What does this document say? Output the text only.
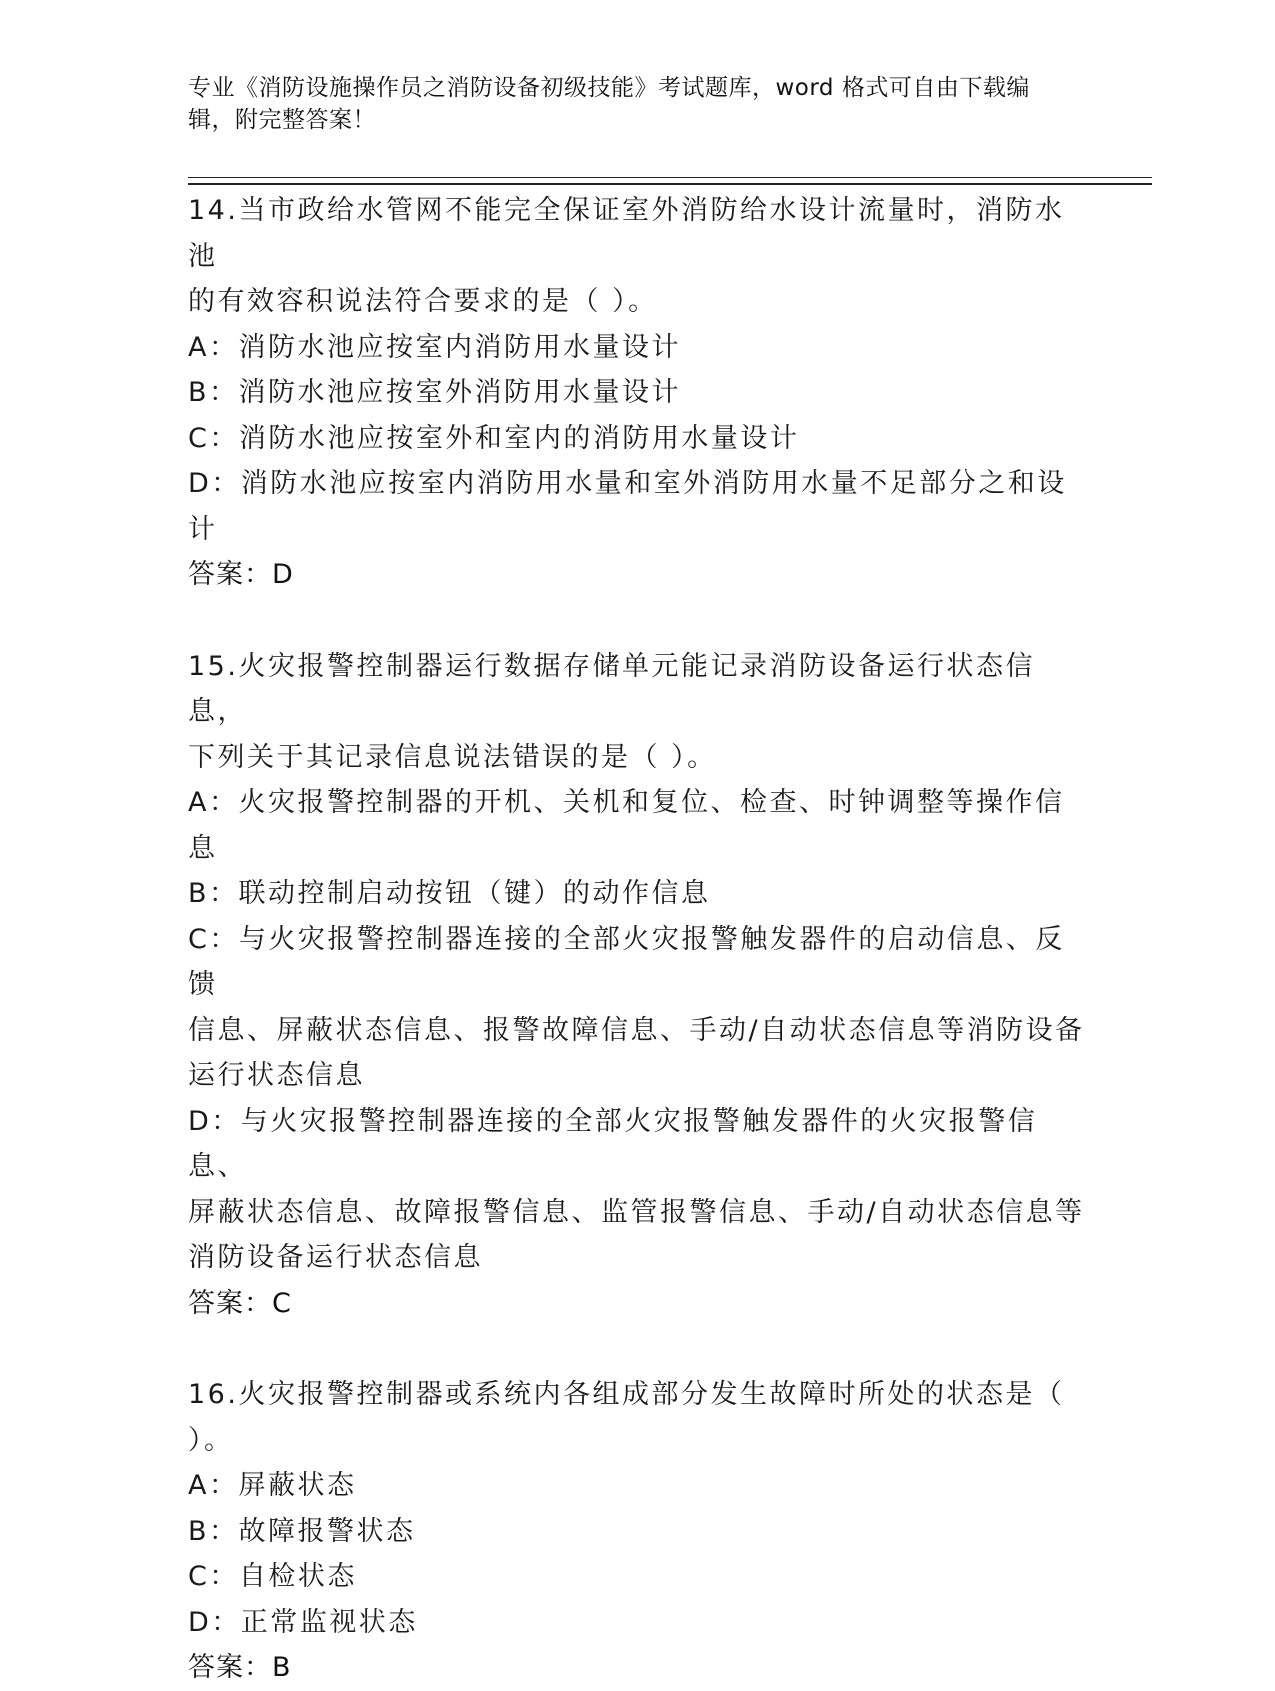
专业《消防设施操作员之消防设备初级技能》考试题库，word 格式可自由下载编
辑，附完整答案！

14.当市政给水管网不能完全保证室外消防给水设计流量时，消防水池

的有效容积说法符合要求的是（ ）。

A：消防水池应按室内消防用水量设计

B：消防水池应按室外消防用水量设计

C：消防水池应按室外和室内的消防用水量设计

D：消防水池应按室内消防用水量和室外消防用水量不足部分之和设计

答案：D

15.火灾报警控制器运行数据存储单元能记录消防设备运行状态信息，

下列关于其记录信息说法错误的是（ ）。

A：火灾报警控制器的开机、关机和复位、检查、时钟调整等操作信息

B：联动控制启动按钮（键）的动作信息

C：与火灾报警控制器连接的全部火灾报警触发器件的启动信息、反馈

信息、屏蔽状态信息、报警故障信息、手动/自动状态信息等消防设备

运行状态信息

D：与火灾报警控制器连接的全部火灾报警触发器件的火灾报警信息、

屏蔽状态信息、故障报警信息、监管报警信息、手动/自动状态信息等

消防设备运行状态信息

答案：C

16.火灾报警控制器或系统内各组成部分发生故障时所处的状态是（

）。

A：屏蔽状态

B：故障报警状态

C：自检状态

D：正常监视状态

答案：B
